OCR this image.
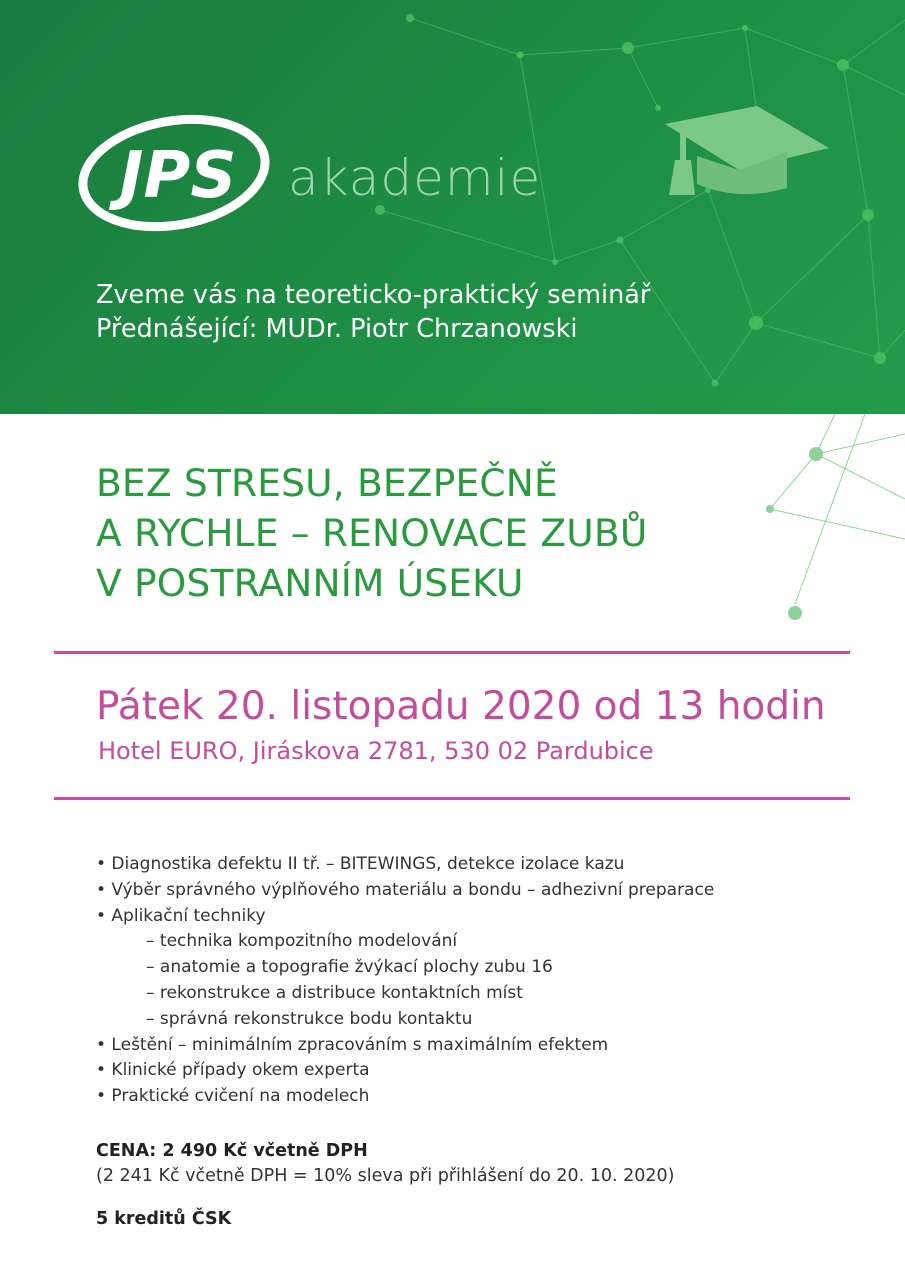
JPS akademie
Zveme vás na teoreticko-praktický seminář
Přednášející: MUDr. Piotr Chrzanowski
BEZ STRESU, BEZPEČNĚ
A RYCHLE – RENOVACE ZUBŮ
V POSTRANNÍM ÚSEKU
Pátek 20. listopadu 2020 od 13 hodin
Hotel EURO, Jiráskova 2781, 530 02 Pardubice
• Diagnostika defektu II tř. – BITEWINGS, detekce izolace kazu
• Výběr správného výplňového materiálu a bondu – adhezivní preparace
• Aplikační techniky
– technika kompozitního modelování
– anatomie a topografie žvýkací plochy zubu 16
– rekonstrukce a distribuce kontaktních míst
– správná rekonstrukce bodu kontaktu
• Leštění – minimálním zpracováním s maximálním efektem
• Klinické případy okem experta
• Praktické cvičení na modelech
CENA: 2 490 Kč včetně DPH
(2 241 Kč včetně DPH = 10% sleva při přihlášení do 20. 10. 2020)
5 kreditů ČSK
